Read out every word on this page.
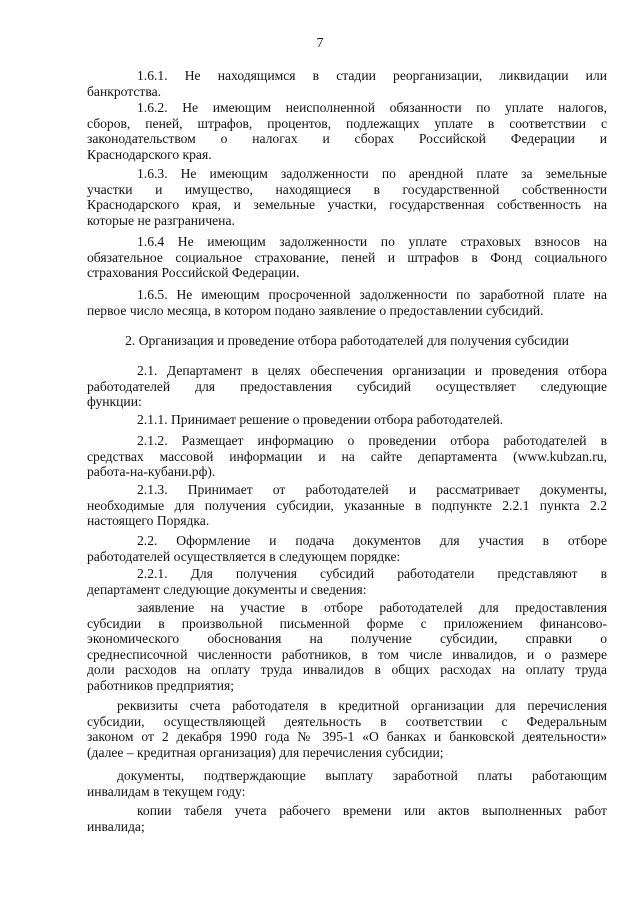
7
1.6.1. Не находящимся в стадии реорганизации, ликвидации или
банкротства.
1.6.2. Не имеющим неисполненной обязанности по уплате налогов,
сборов, пеней, штрафов, процентов, подлежащих уплате в соответствии с
законодательством о налогах и сборах Российской Федерации и
Краснодарского края.
1.6.3. Не имеющим задолженности по арендной плате за земельные
участки и имущество, находящиеся в государственной собственности
Краснодарского края, и земельные участки, государственная собственность на
которые не разграничена.
1.6.4 Не имеющим задолженности по уплате страховых взносов на
обязательное социальное страхование, пеней и штрафов в Фонд социального
страхования Российской Федерации.
1.6.5. Не имеющим просроченной задолженности по заработной плате на
первое число месяца, в котором подано заявление о предоставлении субсидий.
2. Организация и проведение отбора работодателей для получения субсидии
2.1. Департамент в целях обеспечения организации и проведения отбора
работодателей для предоставления субсидий осуществляет следующие
функции:
2.1.1. Принимает решение о проведении отбора работодателей.
2.1.2. Размещает информацию о проведении отбора работодателей в
средствах массовой информации и на сайте департамента (www.kubzan.ru,
работа-на-кубани.рф).
2.1.3. Принимает от работодателей и рассматривает документы,
необходимые для получения субсидии, указанные в подпункте 2.2.1 пункта 2.2
настоящего Порядка.
2.2. Оформление и подача документов для участия в отборе
работодателей осуществляется в следующем порядке:
2.2.1. Для получения субсидий работодатели представляют в
департамент следующие документы и сведения:
заявление на участие в отборе работодателей для предоставления
субсидии в произвольной письменной форме с приложением финансово-
экономического обоснования на получение субсидии, справки о
среднесписочной численности работников, в том числе инвалидов, и о размере
доли расходов на оплату труда инвалидов в общих расходах на оплату труда
работников предприятия;
реквизиты счета работодателя в кредитной организации для перечисления
субсидии, осуществляющей деятельность в соответствии с Федеральным
законом от 2 декабря 1990 года № 395-1 «О банках и банковской деятельности»
(далее – кредитная организация) для перечисления субсидии;
документы, подтверждающие выплату заработной платы работающим
инвалидам в текущем году:
копии табеля учета рабочего времени или актов выполненных работ
инвалида;
